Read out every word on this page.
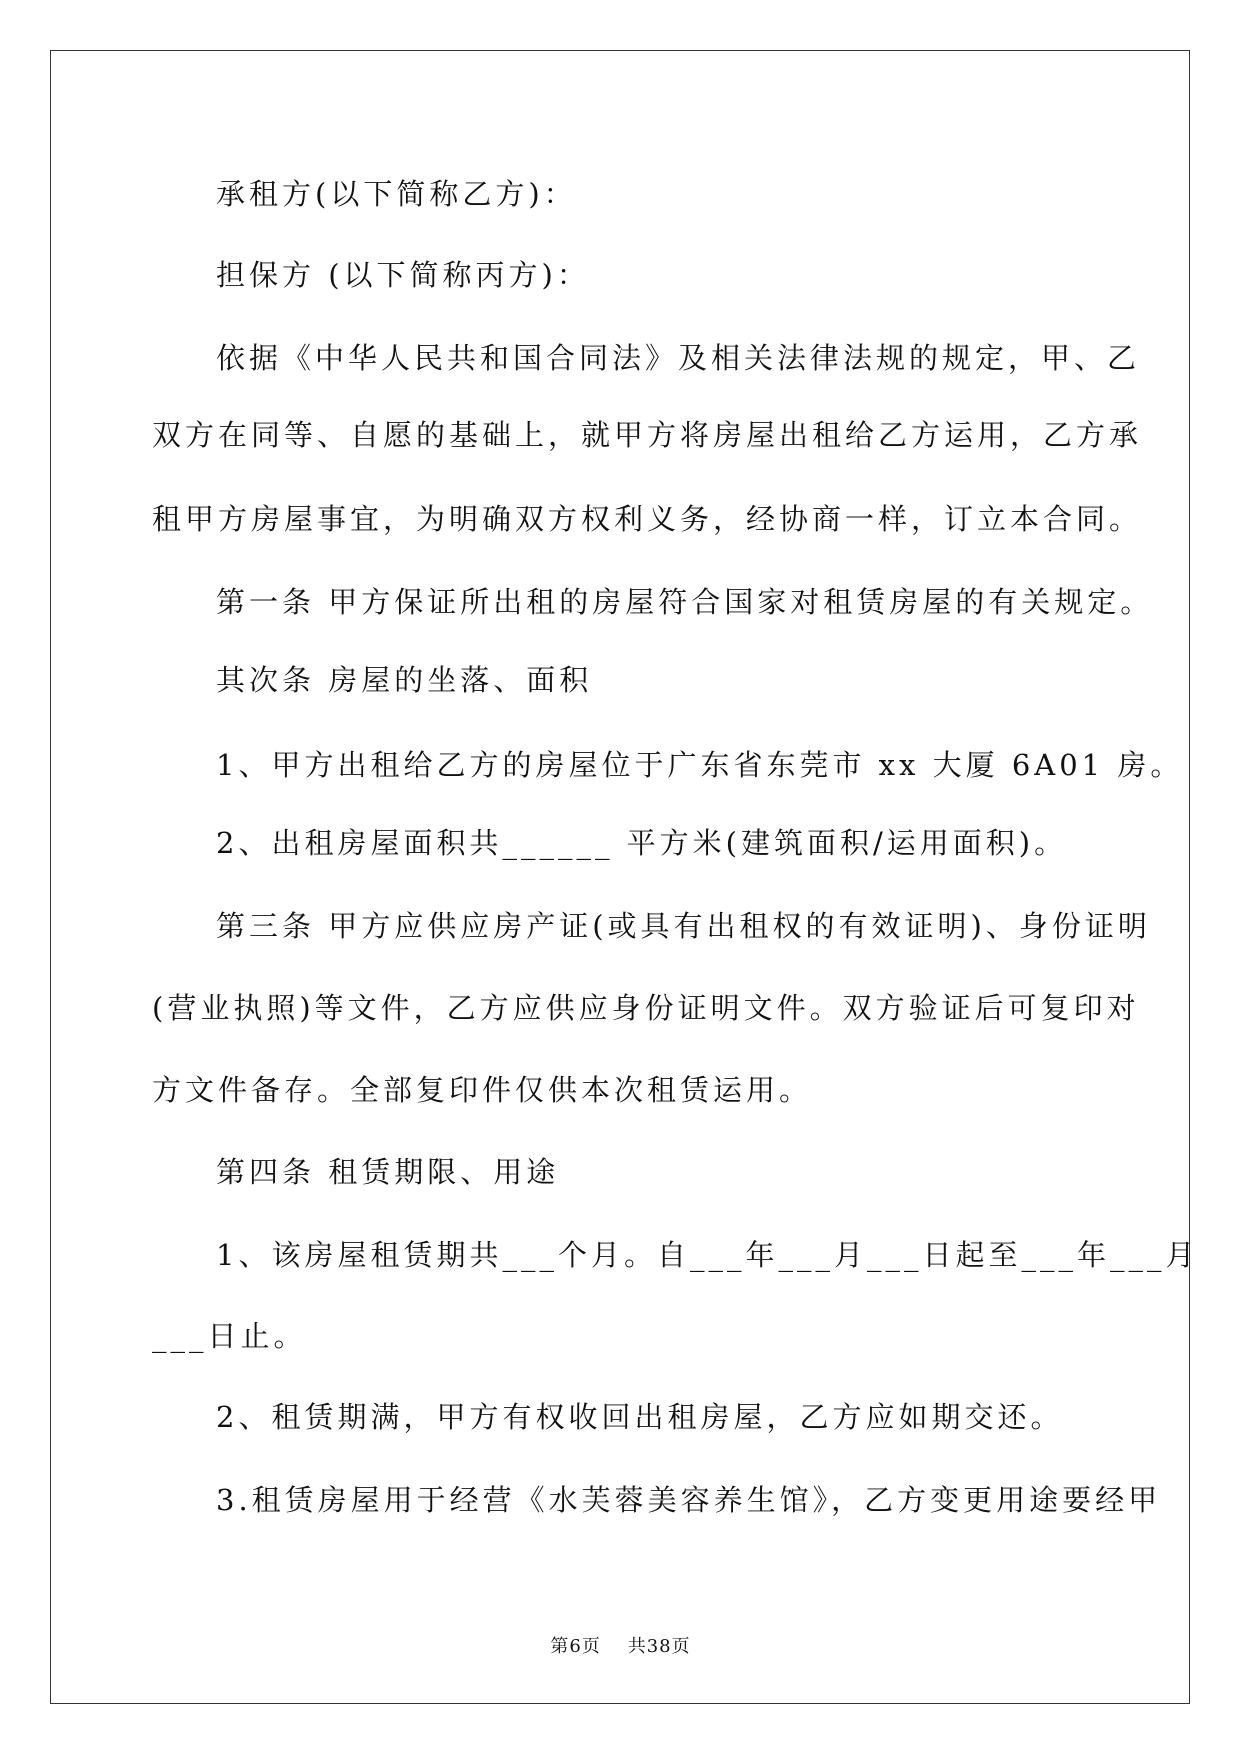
承租方(以下简称乙方)：
担保方 (以下简称丙方)：
依据《中华人民共和国合同法》及相关法律法规的规定，甲、乙
双方在同等、自愿的基础上，就甲方将房屋出租给乙方运用，乙方承
租甲方房屋事宜，为明确双方权利义务，经协商一样，订立本合同。
第一条 甲方保证所出租的房屋符合国家对租赁房屋的有关规定。
其次条 房屋的坐落、面积
1、甲方出租给乙方的房屋位于广东省东莞市 xx 大厦 6A01 房。
2、出租房屋面积共______ 平方米(建筑面积/运用面积)。
第三条 甲方应供应房产证(或具有出租权的有效证明)、身份证明
(营业执照)等文件，乙方应供应身份证明文件。双方验证后可复印对
方文件备存。全部复印件仅供本次租赁运用。
第四条 租赁期限、用途
1、该房屋租赁期共___个月。自___年___月___日起至___年___月
___日止。
2、租赁期满，甲方有权收回出租房屋，乙方应如期交还。
3.租赁房屋用于经营《水芙蓉美容养生馆》，乙方变更用途要经甲
第6页 共38页
